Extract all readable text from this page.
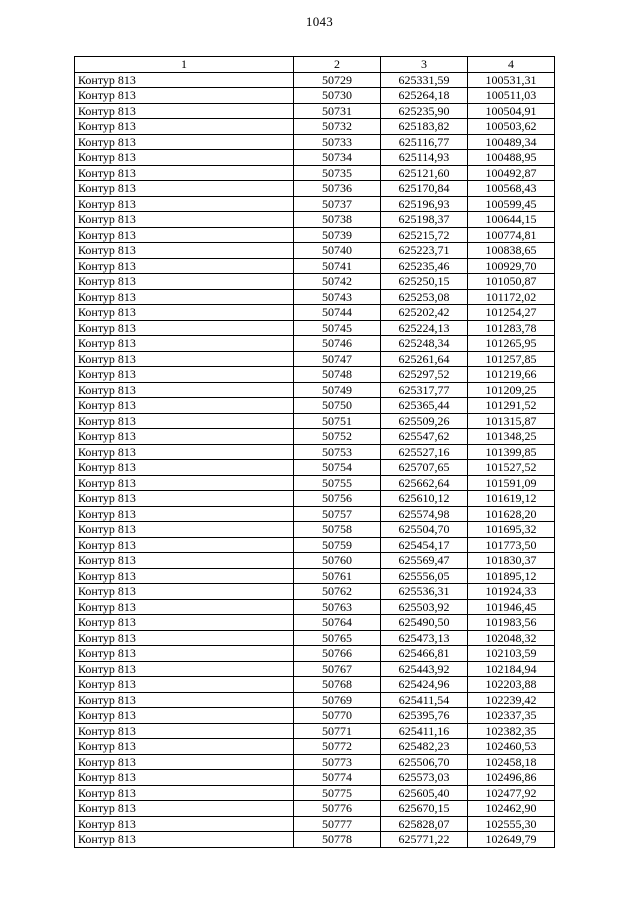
1043
1	2	3	4
Контур 813	50729	625331,59	100531,31
Контур 813	50730	625264,18	100511,03
Контур 813	50731	625235,90	100504,91
Контур 813	50732	625183,82	100503,62
Контур 813	50733	625116,77	100489,34
Контур 813	50734	625114,93	100488,95
Контур 813	50735	625121,60	100492,87
Контур 813	50736	625170,84	100568,43
Контур 813	50737	625196,93	100599,45
Контур 813	50738	625198,37	100644,15
Контур 813	50739	625215,72	100774,81
Контур 813	50740	625223,71	100838,65
Контур 813	50741	625235,46	100929,70
Контур 813	50742	625250,15	101050,87
Контур 813	50743	625253,08	101172,02
Контур 813	50744	625202,42	101254,27
Контур 813	50745	625224,13	101283,78
Контур 813	50746	625248,34	101265,95
Контур 813	50747	625261,64	101257,85
Контур 813	50748	625297,52	101219,66
Контур 813	50749	625317,77	101209,25
Контур 813	50750	625365,44	101291,52
Контур 813	50751	625509,26	101315,87
Контур 813	50752	625547,62	101348,25
Контур 813	50753	625527,16	101399,85
Контур 813	50754	625707,65	101527,52
Контур 813	50755	625662,64	101591,09
Контур 813	50756	625610,12	101619,12
Контур 813	50757	625574,98	101628,20
Контур 813	50758	625504,70	101695,32
Контур 813	50759	625454,17	101773,50
Контур 813	50760	625569,47	101830,37
Контур 813	50761	625556,05	101895,12
Контур 813	50762	625536,31	101924,33
Контур 813	50763	625503,92	101946,45
Контур 813	50764	625490,50	101983,56
Контур 813	50765	625473,13	102048,32
Контур 813	50766	625466,81	102103,59
Контур 813	50767	625443,92	102184,94
Контур 813	50768	625424,96	102203,88
Контур 813	50769	625411,54	102239,42
Контур 813	50770	625395,76	102337,35
Контур 813	50771	625411,16	102382,35
Контур 813	50772	625482,23	102460,53
Контур 813	50773	625506,70	102458,18
Контур 813	50774	625573,03	102496,86
Контур 813	50775	625605,40	102477,92
Контур 813	50776	625670,15	102462,90
Контур 813	50777	625828,07	102555,30
Контур 813	50778	625771,22	102649,79
